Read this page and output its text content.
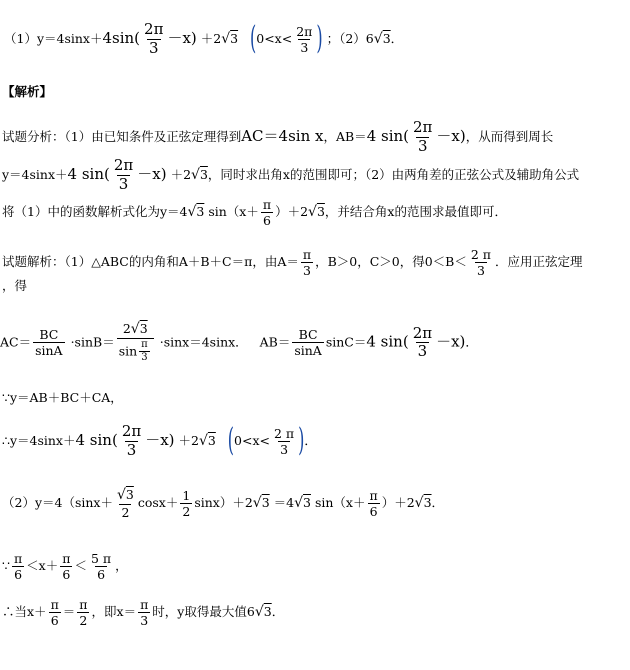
$(1)y=4\sin x+4\sin( \frac{2\pi}{3} -x) +2√3$ ($0<x< \frac{2\pi}{3}$ ) ；（2）6√3．
【解析】
试题分析：（1）由已知条件及正弦定理得到AC＝4sin x，AB＝4 $\sin( \frac{2\pi}{3} -x)$，从而得到周长
y＝4sinx＋4 $\sin( \frac{2\pi}{3} -x) +2√3$，同时求出角x的范围即可；（2）由两角差的正弦公式及辅助角公式
将（1）中的函数解析式化为y＝4√3 $\sin(x+ \frac{\pi}{6} )+2√3$，并结合角x的范围求最值即可．
试题解析：（1）△ABC的内角和A＋B＋C＝π，由$A= \frac{\pi}{3}$ ，B＞0，C＞0，得$0<B< \frac{2 \pi}{3}$ ．应用正弦定理
，得
$AC= \frac{BC}{\sin A} \cdot\sin B= \frac{2√3}{\sin \frac{\pi}{3}} \cdot\sin x=4\sin x$． $AB= \frac{BC}{\sin A} \sin C=4$ $\sin( \frac{2\pi}{3} -x)$．
∵y＝AB＋BC＋CA，
∴y＝4sinx＋4 $\sin( \frac{2\pi}{3} -x) +2√3$ ($0<x< \frac{2 \pi}{3}$ )．
$(2)y=4(\sin x+ \frac{√3}{2} \cos x+ \frac{1}{2} \sin x)+2√3 =4√3$ $\sin(x+ \frac{\pi}{6} )+2√3$．
∵ $\frac{\pi}{6} <x+ \frac{\pi}{6} < \frac{5 \pi}{6}$ ，
∴当$x+ \frac{\pi}{6} = \frac{\pi}{2}$ ，即$x= \frac{\pi}{3}$ 时，y取得最大值6√3．
